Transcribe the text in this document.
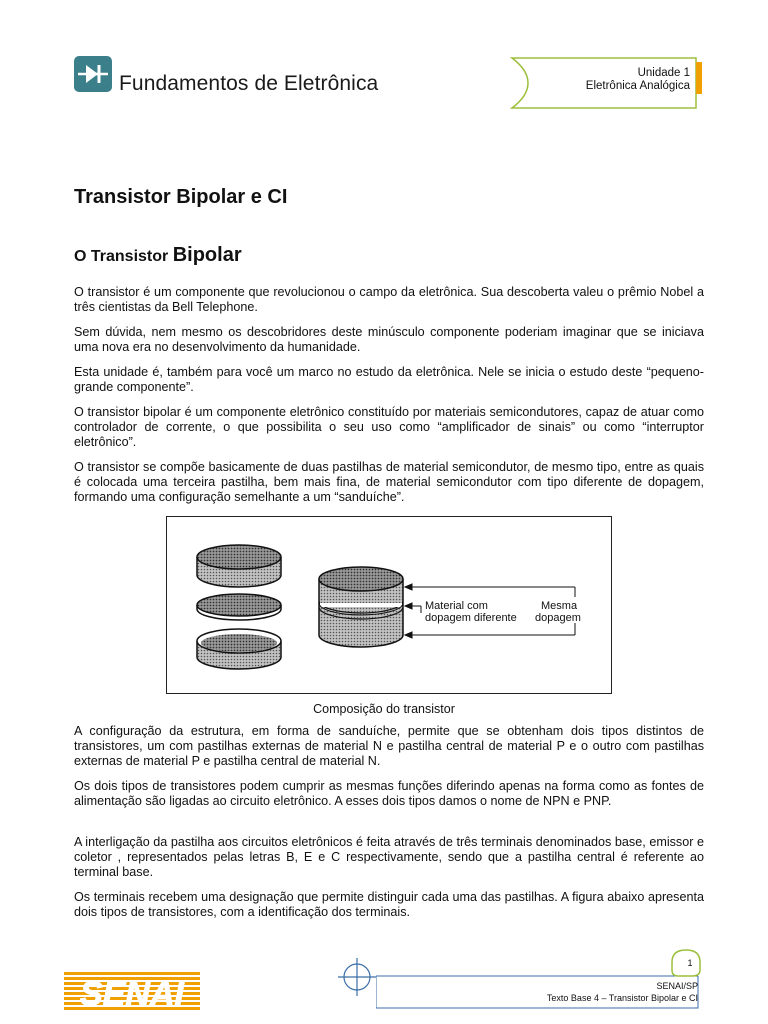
Fundamentos de Eletrônica	Unidade 1
Eletrônica Analógica
Transistor Bipolar e CI
O Transistor Bipolar

O transistor é um componente que revolucionou o campo da eletrônica. Sua descoberta valeu o prêmio Nobel a três cientistas da Bell Telephone.

Sem dúvida, nem mesmo os descobridores deste minúsculo componente poderiam imaginar que se iniciava uma nova era no desenvolvimento da humanidade.

Esta unidade é, também para você um marco no estudo da eletrônica. Nele se inicia o estudo deste “pequeno-grande componente”.

O transistor bipolar é um componente eletrônico constituído por materiais semicondutores, capaz de atuar como controlador de corrente, o que possibilita o seu uso como “amplificador de sinais” ou como “interruptor eletrônico”.

O transistor se compõe basicamente de duas pastilhas de material semicondutor, de mesmo tipo, entre as quais é colocada uma terceira pastilha, bem mais fina, de material semicondutor com tipo diferente de dopagem, formando uma configuração semelhante a um “sanduíche”.

Material com
dopagem diferente
Mesma
dopagem
Composição do transistor

A configuração da estrutura, em forma de sanduíche, permite que se obtenham dois tipos distintos de transistores, um com pastilhas externas de material N e pastilha central de material P e o outro com pastilhas externas de material P e pastilha central de material N.

Os dois tipos de transistores podem cumprir as mesmas funções diferindo apenas na forma como as fontes de alimentação são ligadas ao circuito eletrônico. A esses dois tipos damos o nome de NPN e PNP.

A interligação da pastilha aos circuitos eletrônicos é feita através de três terminais denominados base, emissor e coletor , representados pelas letras B, E e C respectivamente, sendo que a pastilha central é referente ao terminal base.

Os terminais recebem uma designação que permite distinguir cada uma das pastilhas. A figura abaixo apresenta dois tipos de transistores, com a identificação dos terminais.

SENAI
1
SENAI/SP
Texto Base 4 – Transistor Bipolar e CI
